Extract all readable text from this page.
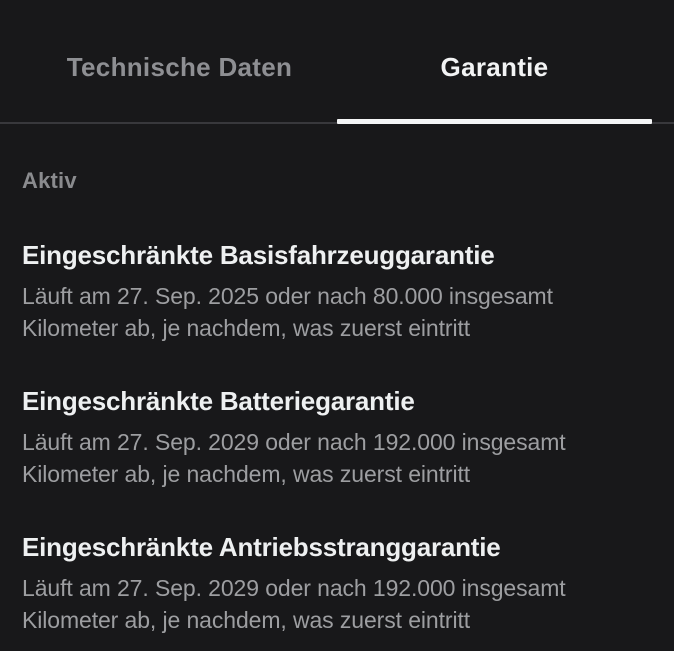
Technische Daten	Garantie
Aktiv
Eingeschränkte Basisfahrzeuggarantie
Läuft am 27. Sep. 2025 oder nach 80.000 insgesamt
Kilometer ab, je nachdem, was zuerst eintritt
Eingeschränkte Batteriegarantie
Läuft am 27. Sep. 2029 oder nach 192.000 insgesamt
Kilometer ab, je nachdem, was zuerst eintritt
Eingeschränkte Antriebsstranggarantie
Läuft am 27. Sep. 2029 oder nach 192.000 insgesamt
Kilometer ab, je nachdem, was zuerst eintritt
